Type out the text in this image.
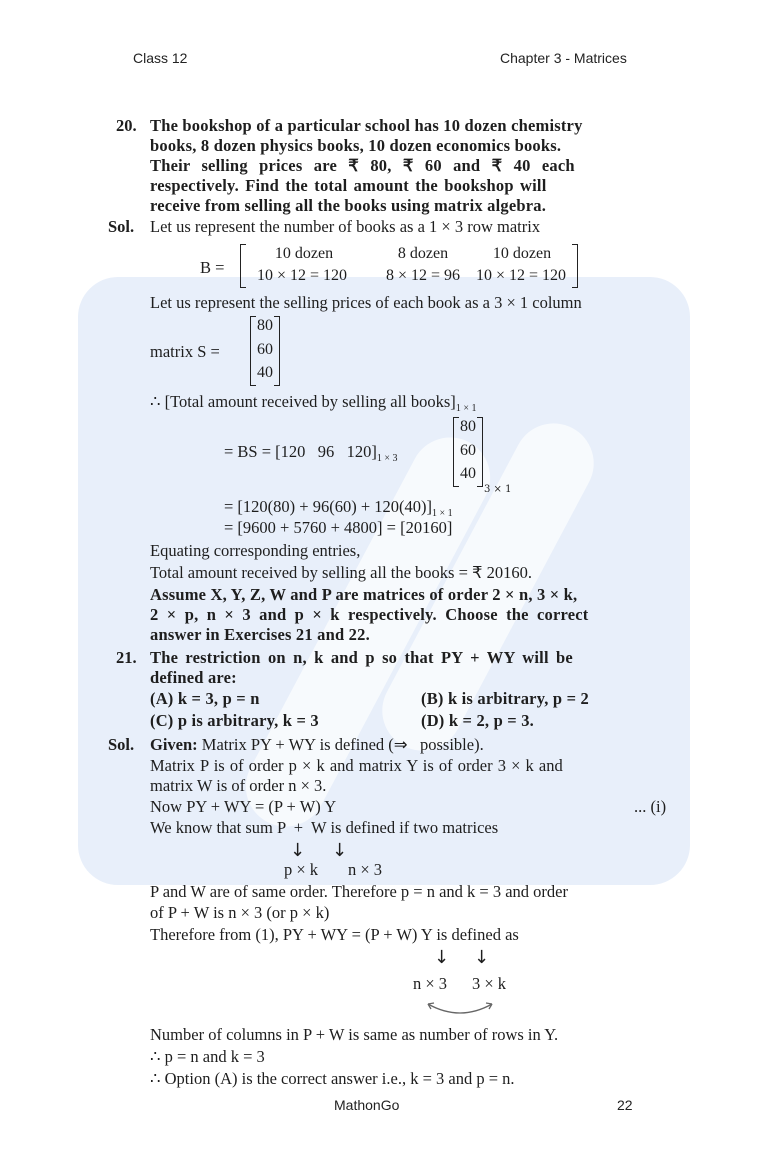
Class 12	Chapter 3 - Matrices
20. The bookshop of a particular school has 10 dozen chemistry
books, 8 dozen physics books, 10 dozen economics books.
Their selling prices are ₹ 80, ₹ 60 and ₹ 40 each
respectively. Find the total amount the bookshop will
receive from selling all the books using matrix algebra.
Sol. Let us represent the number of books as a 1 × 3 row matrix
B =
10 dozen	8 dozen	10 dozen
10 × 12 = 120	8 × 12 = 96 10 × 12 = 120
Let us represent the selling prices of each book as a 3 × 1 column
matrix S =
80
60
40
∴ [Total amount received by selling all $books]_{1 \times 1}$
= BS = [120   96   $120]_{1 \times 3}$
80
60
40
3 × 1
= $[120(80) + 96(60) + 120(40)]_{1 \times 1}$
= [9600 + 5760 + 4800] = [20160]
Equating corresponding entries,
Total amount received by selling all the books = ₹ 20160.
Assume X, Y, Z, W and P are matrices of order 2 × n, 3 × k,
2 × p, n × 3 and p × k respectively. Choose the correct
answer in Exercises 21 and 22.
21. The restriction on n, k and p so that PY + WY will be
defined are:
(A) k = 3, p = n	(B) k is arbitrary, p = 2
(C) p is arbitrary, k = 3	(D) k = 2, p = 3.
Sol. Given: Matrix PY + WY is defined (⇒   possible).
Matrix P is of order p × k and matrix Y is of order 3 × k and
matrix W is of order n × 3.
Now PY + WY = (P + W) Y	... (i)
We know that sum P  +  W is defined if two matrices
↓ ↓
p × k n × 3
P and W are of same order. Therefore p = n and k = 3 and order
of P + W is n × 3 (or p × k)
Therefore from (1), PY + WY = (P + W) Y is defined as
↓ ↓
n × 3 3 × k
Number of columns in P + W is same as number of rows in Y.
∴ p = n and k = 3
∴ Option (A) is the correct answer i.e., k = 3 and p = n.
MathonGo	22
